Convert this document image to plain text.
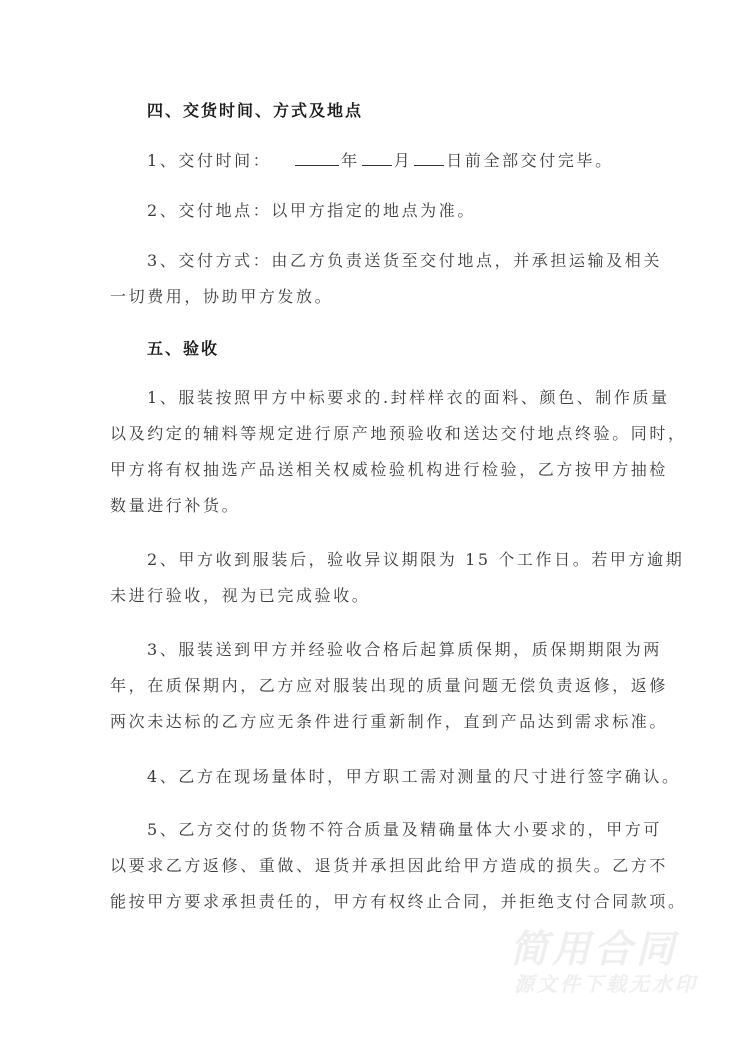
四、交货时间、方式及地点
1、交付时间：	年 月 日前全部交付完毕。
2、交付地点：以甲方指定的地点为准。
3、交付方式：由乙方负责送货至交付地点，并承担运输及相关
一切费用，协助甲方发放。
五、验收
1、服装按照甲方中标要求的.封样样衣的面料、颜色、制作质量
以及约定的辅料等规定进行原产地预验收和送达交付地点终验。同时，
甲方将有权抽选产品送相关权威检验机构进行检验，乙方按甲方抽检
数量进行补货。
2、甲方收到服装后，验收异议期限为 15 个工作日。若甲方逾期
未进行验收，视为已完成验收。
3、服装送到甲方并经验收合格后起算质保期，质保期期限为两
年，在质保期内，乙方应对服装出现的质量问题无偿负责返修，返修
两次未达标的乙方应无条件进行重新制作，直到产品达到需求标准。
4、乙方在现场量体时，甲方职工需对测量的尺寸进行签字确认。
5、乙方交付的货物不符合质量及精确量体大小要求的，甲方可
以要求乙方返修、重做、退货并承担因此给甲方造成的损失。乙方不
能按甲方要求承担责任的，甲方有权终止合同，并拒绝支付合同款项。
简用合同
源文件下载无水印
